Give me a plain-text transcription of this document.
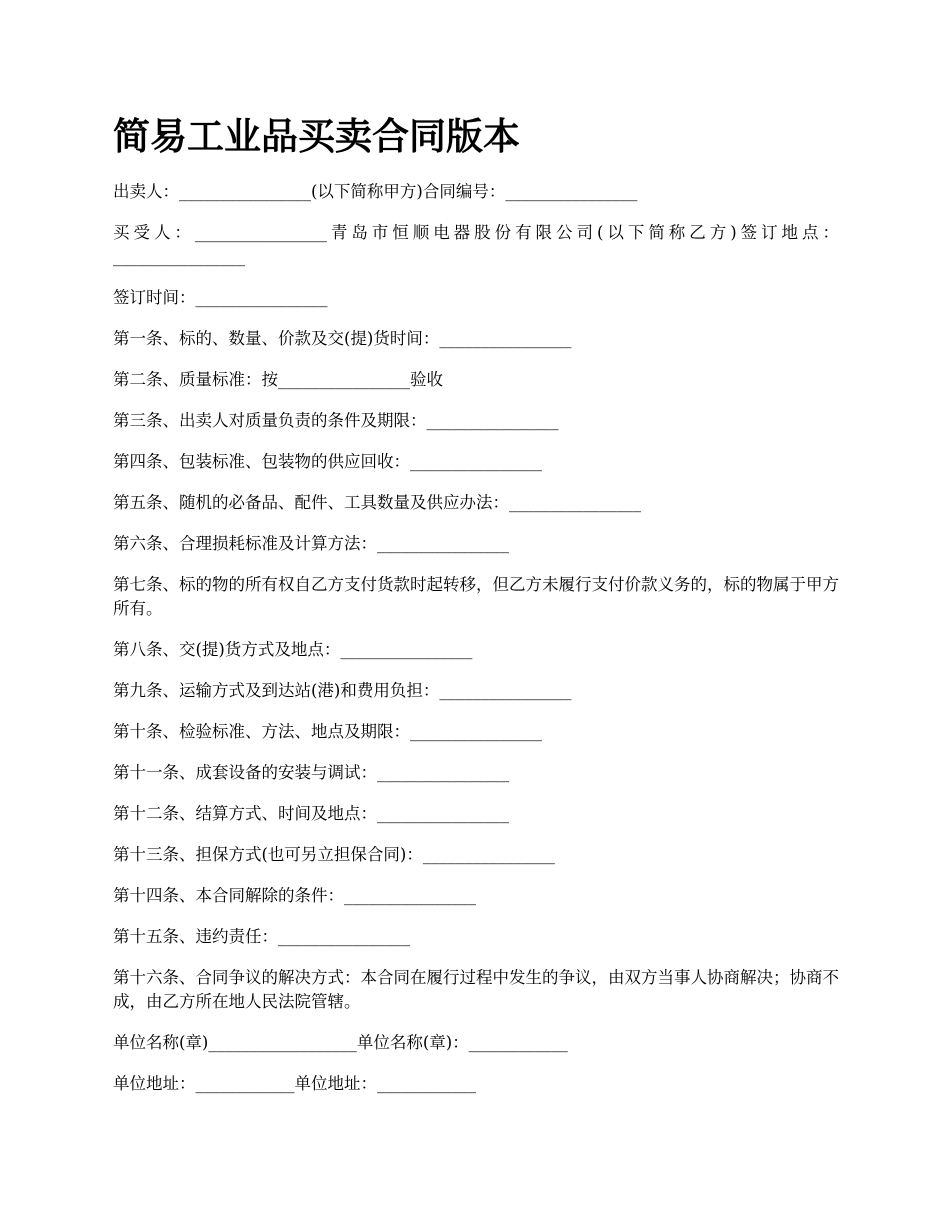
简易工业品买卖合同版本

出卖人：________________(以下简称甲方)合同编号：________________

买受人：________________青岛市恒顺电器股份有限公司(以下简称乙方)签订地点：________________

签订时间：________________

第一条、标的、数量、价款及交(提)货时间：________________

第二条、质量标准：按________________验收

第三条、出卖人对质量负责的条件及期限：________________

第四条、包装标准、包装物的供应回收：________________

第五条、随机的必备品、配件、工具数量及供应办法：________________

第六条、合理损耗标准及计算方法：________________

第七条、标的物的所有权自乙方支付货款时起转移，但乙方未履行支付价款义务的，标的物属于甲方所有。

第八条、交(提)货方式及地点：________________

第九条、运输方式及到达站(港)和费用负担：________________

第十条、检验标准、方法、地点及期限：________________

第十一条、成套设备的安装与调试：________________

第十二条、结算方式、时间及地点：________________

第十三条、担保方式(也可另立担保合同)：________________

第十四条、本合同解除的条件：________________

第十五条、违约责任：________________

第十六条、合同争议的解决方式：本合同在履行过程中发生的争议，由双方当事人协商解决；协商不成，由乙方所在地人民法院管辖。

单位名称(章)__________________单位名称(章)：____________

单位地址：____________单位地址：____________
